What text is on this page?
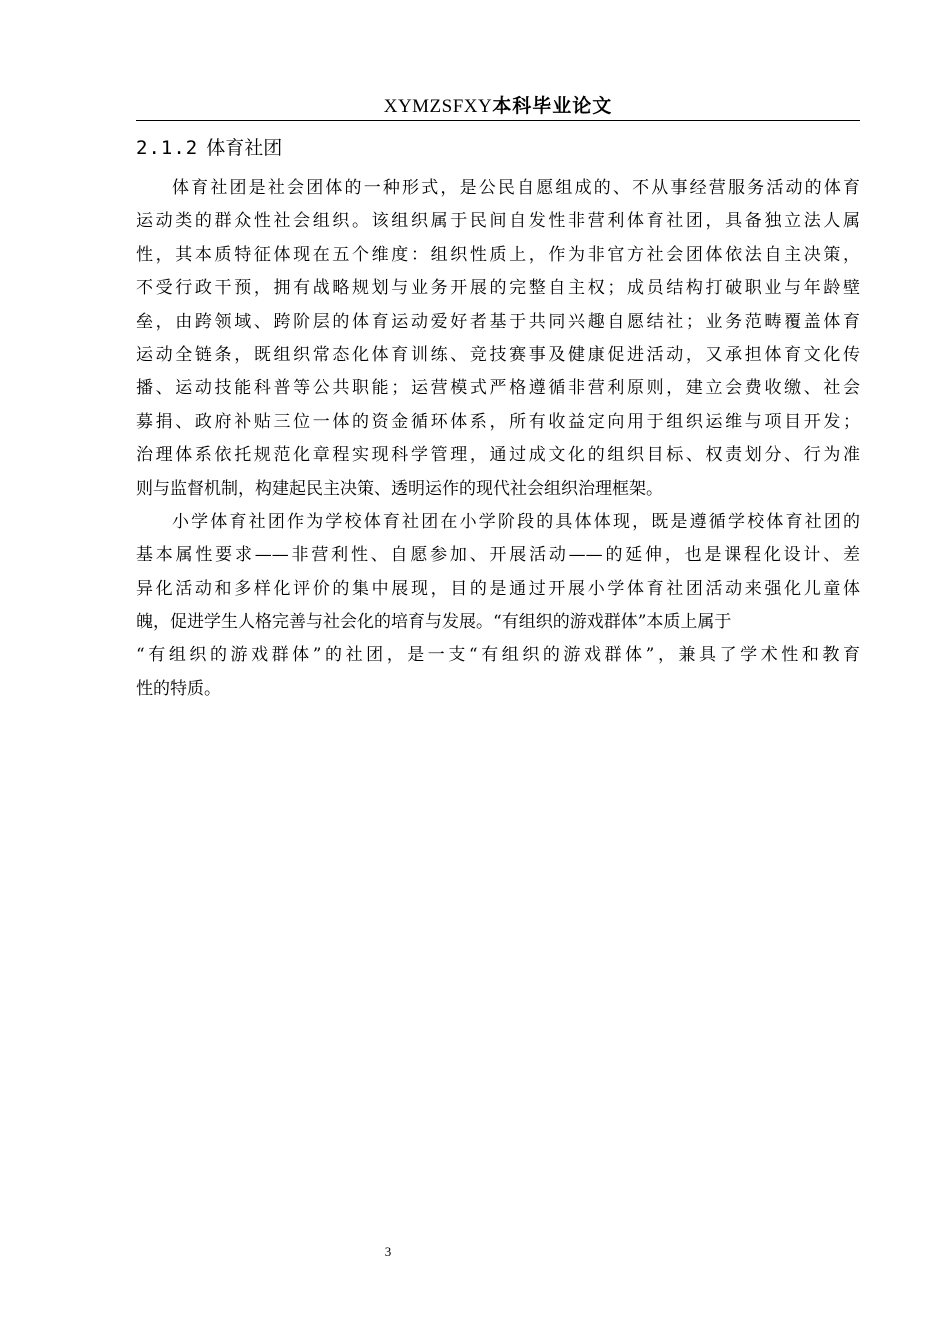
XYMZSFXY本科毕业论文
2.1.2 体育社团
体育社团是社会团体的一种形式，是公民自愿组成的、不从事经营服务活动的体育
运动类的群众性社会组织。该组织属于民间自发性非营利体育社团，具备独立法人属
性，其本质特征体现在五个维度：组织性质上，作为非官方社会团体依法自主决策，
不受行政干预，拥有战略规划与业务开展的完整自主权；成员结构打破职业与年龄壁
垒，由跨领域、跨阶层的体育运动爱好者基于共同兴趣自愿结社；业务范畴覆盖体育
运动全链条，既组织常态化体育训练、竞技赛事及健康促进活动，又承担体育文化传
播、运动技能科普等公共职能；运营模式严格遵循非营利原则，建立会费收缴、社会
募捐、政府补贴三位一体的资金循环体系，所有收益定向用于组织运维与项目开发；
治理体系依托规范化章程实现科学管理，通过成文化的组织目标、权责划分、行为准
则与监督机制，构建起民主决策、透明运作的现代社会组织治理框架。
小学体育社团作为学校体育社团在小学阶段的具体体现，既是遵循学校体育社团的
基本属性要求——非营利性、自愿参加、开展活动——的延伸，也是课程化设计、差
异化活动和多样化评价的集中展现，目的是通过开展小学体育社团活动来强化儿童体
魄，促进学生人格完善与社会化的培育与发展。“有组织的游戏群体”本质上属于
“有组织的游戏群体”的社团，是一支“有组织的游戏群体”，兼具了学术性和教育
性的特质。
3
